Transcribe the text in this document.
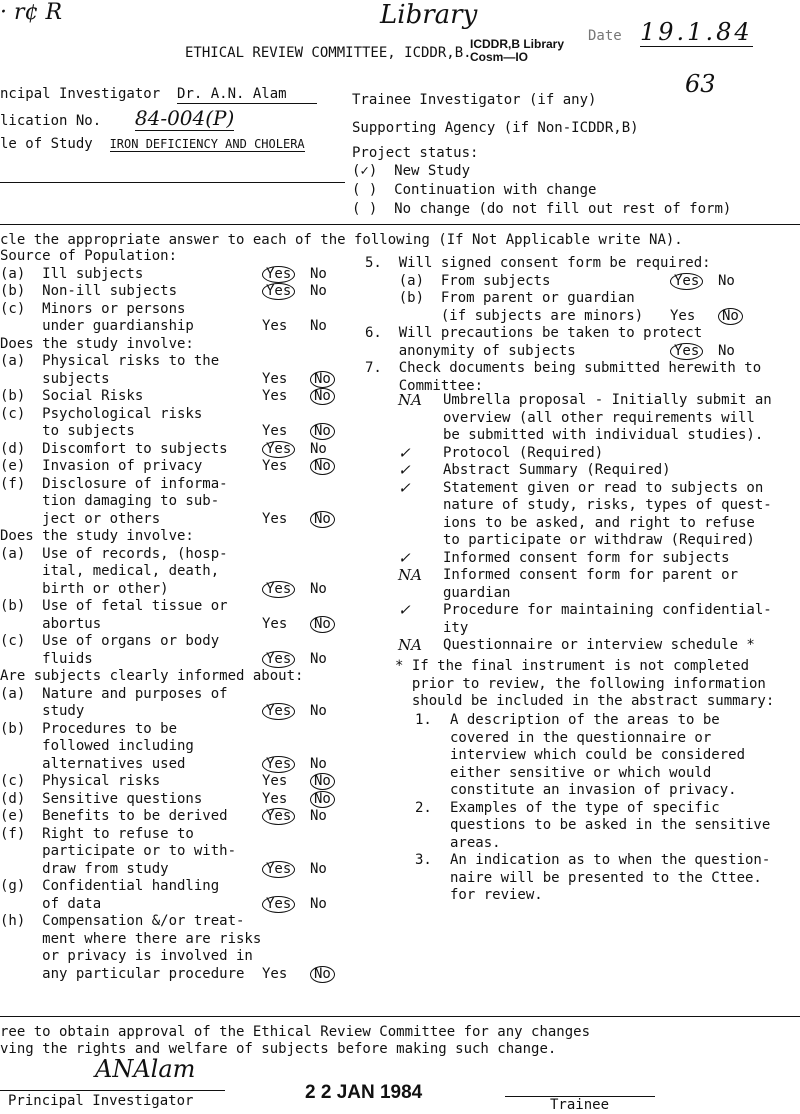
· r¢ R	Library
ETHICAL REVIEW COMMITTEE, ICDDR,B.
ICDDR,B Library
Cosm—IO
Date 19.1.84
63
ncipal Investigator Dr. A.N. Alam
lication No. 84-004(P)
le of Study IRON DEFICIENCY AND CHOLERA
Trainee Investigator (if any)
Supporting Agency (if Non-ICDDR,B)
Project status:
(✓) New Study
( ) Continuation with change
( ) No change (do not fill out rest of form)
cle the appropriate answer to each of the following (If Not Applicable write NA).
Source of Population:
(a)  Ill subjects	Yes No
(b)  Non-ill subjects	Yes No
(c)  Minors or persons
under guardianship	Yes No
Does the study involve:
(a)  Physical risks to the
subjects	Yes No
(b)  Social Risks	Yes No
(c)  Psychological risks
to subjects	Yes No
(d)  Discomfort to subjects	Yes No
(e)  Invasion of privacy	Yes No
(f)  Disclosure of informa-
tion damaging to sub-
ject or others	Yes No
Does the study involve:
(a)  Use of records, (hosp-
ital, medical, death,
birth or other)	Yes No
(b)  Use of fetal tissue or
abortus	Yes No
(c)  Use of organs or body
fluids	Yes No
Are subjects clearly informed about:
(a)  Nature and purposes of
study	Yes No
(b)  Procedures to be
followed including
alternatives used	Yes No
(c)  Physical risks	Yes No
(d)  Sensitive questions	Yes No
(e)  Benefits to be derived	Yes No
(f)  Right to refuse to
participate or to with-
draw from study	Yes No
(g)  Confidential handling
of data	Yes No
(h)  Compensation &/or treat-
ment where there are risks
or privacy is involved in
any particular procedure Yes No
5.  Will signed consent form be required:
(a)  From subjects	Yes No
(b)  From parent or guardian
(if subjects are minors) Yes No
6.  Will precautions be taken to protect
anonymity of subjects	Yes No
7.  Check documents being submitted herewith to
Committee:
NA Umbrella proposal - Initially submit an
overview (all other requirements will
be submitted with individual studies).
✓ Protocol (Required)
✓ Abstract Summary (Required)
✓ Statement given or read to subjects on
nature of study, risks, types of quest-
ions to be asked, and right to refuse
to participate or withdraw (Required)
✓ Informed consent form for subjects
NA Informed consent form for parent or
guardian
✓ Procedure for maintaining confidential-
ity
NA Questionnaire or interview schedule *
* If the final instrument is not completed
prior to review, the following information
should be included in the abstract summary:
1. A description of the areas to be
covered in the questionnaire or
interview which could be considered
either sensitive or which would
constitute an invasion of privacy.
2. Examples of the type of specific
questions to be asked in the sensitive
areas.
3. An indication as to when the question-
naire will be presented to the Cttee.
for review.
ree to obtain approval of the Ethical Review Committee for any changes
ving the rights and welfare of subjects before making such change.
ANAlam
2 2 JAN 1984
Principal Investigator	Trainee
